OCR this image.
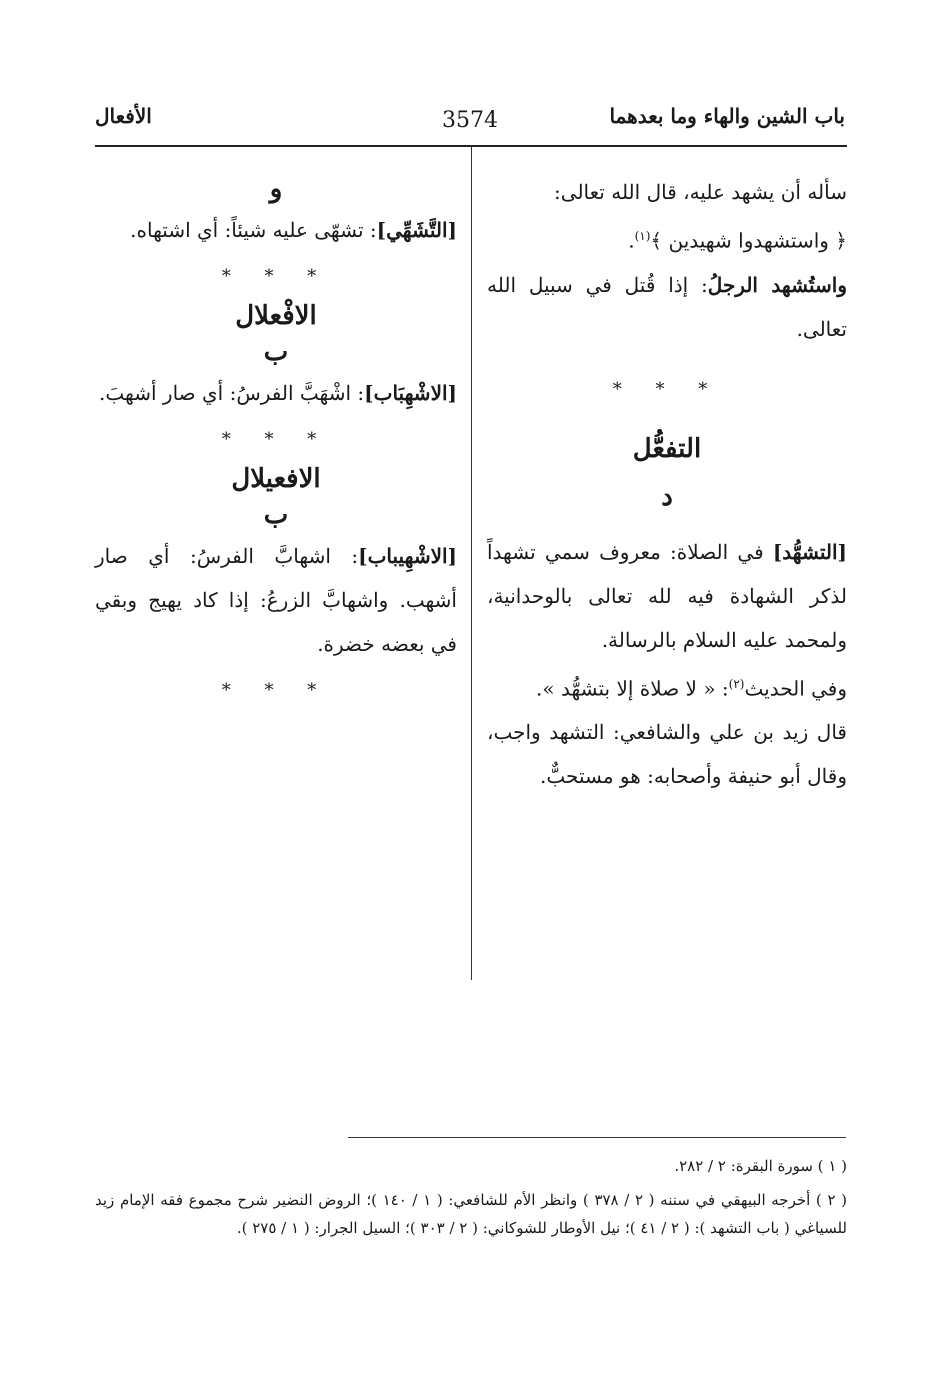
باب الشين والهاء وما بعدهما
3574
الأفعال

سأله أن يشهد عليه، قال الله تعالى:

﴿ واستشهدوا شهيدين ﴾$^{(١)}$.

واستُشهد الرجلُ: إذا قُتل في سبيل الله تعالى.

* * *
التفعُّل
د

[التشهُّد] في الصلاة: معروف سمي تشهداً لذكر الشهادة فيه لله تعالى بالوحدانية، ولمحمد عليه السلام بالرسالة.

وفي الحديث$^{(٢)}$: « لا صلاة إلا بتشهُّد ».

قال زيد بن علي والشافعي: التشهد واجب، وقال أبو حنيفة وأصحابه: هو مستحبٌّ.

و

[التَّشَهِّي]: تشهّى عليه شيئاً: أي اشتهاه.

* * *
الافْعلال
ب

[الاشْهِبَاب]: اشْهَبَّ الفرسُ: أي صار أشهبَ.

* * *
الافعيلال
ب

[الاشْهِيباب]: اشهابَّ الفرسُ: أي صار أشهب. واشهابَّ الزرعُ: إذا كاد يهيج وبقي في بعضه خضرة.

* * *

( ١ ) سورة البقرة: ٢ / ٢٨٢.

( ٢ ) أخرجه البيهقي في سننه ( ٢ / ٣٧٨ ) وانظر الأم للشافعي: ( ١ / ١٤٠ )؛ الروض النضير شرح مجموع فقه الإمام زيد للسياغي ( باب التشهد ): ( ٢ / ٤١ )؛ نيل الأوطار للشوكاني: ( ٢ / ٣٠٣ )؛ السيل الجرار: ( ١ / ٢٧٥ ).
